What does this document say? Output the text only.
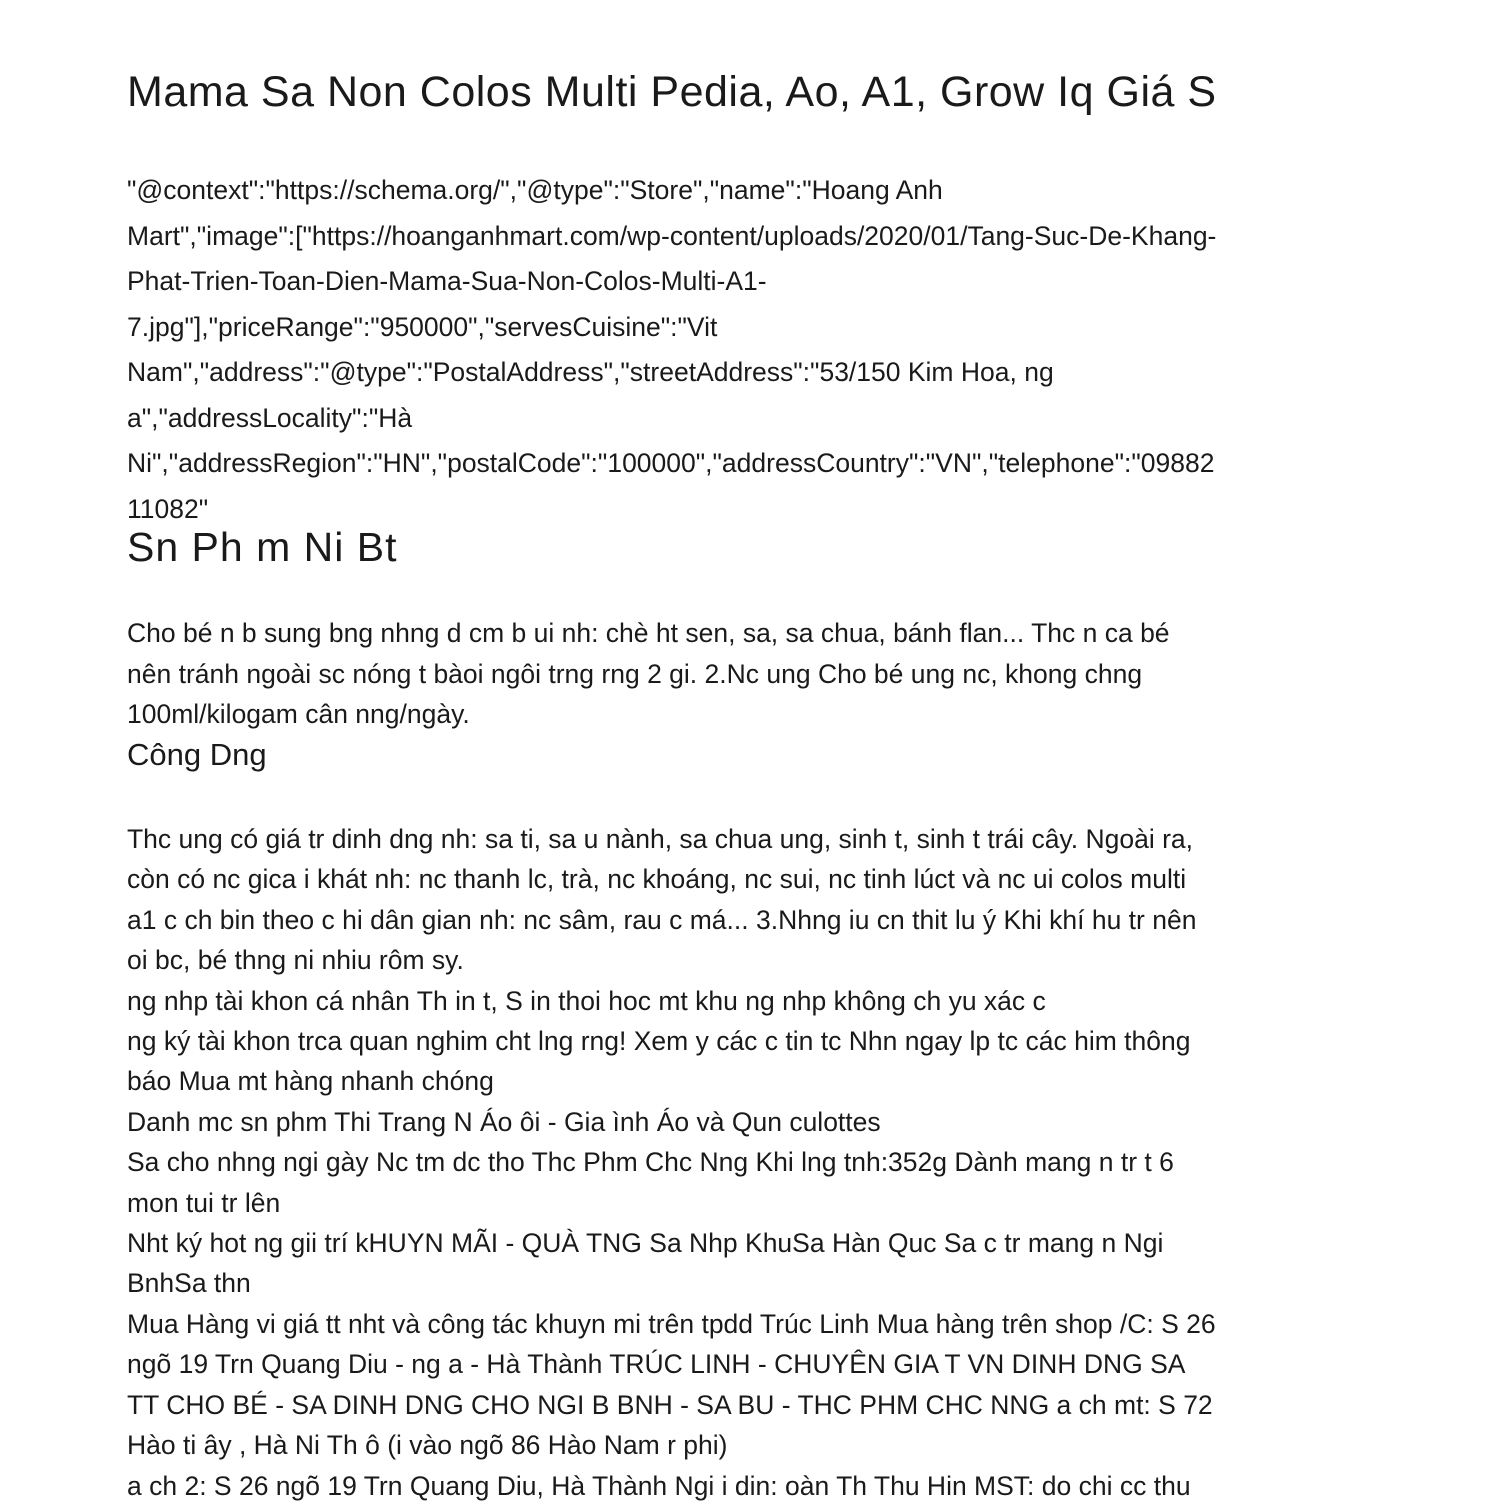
Mama Sa Non Colos Multi Pedia, Ao, A1, Grow Iq Giá S
"@context":"https://schema.org/","@type":"Store","name":"Hoang Anh
Mart","image":["https://hoanganhmart.com/wp-content/uploads/2020/01/Tang-Suc-De-Khang-
Phat-Trien-Toan-Dien-Mama-Sua-Non-Colos-Multi-A1-
7.jpg"],"priceRange":"950000","servesCuisine":"Vit
Nam","address":"@type":"PostalAddress","streetAddress":"53/150 Kim Hoa, ng
a","addressLocality":"Hà
Ni","addressRegion":"HN","postalCode":"100000","addressCountry":"VN","telephone":"09882
11082"
Sn Ph m Ni Bt
Cho bé n b sung bng nhng d cm b ui nh: chè ht sen, sa, sa chua, bánh flan... Thc n ca bé
nên tránh ngoài sc nóng t bàoi ngôi trng rng 2 gi. 2.Nc ung Cho bé ung nc, khong chng
100ml/kilogam cân nng/ngày.
Công Dng
Thc ung có giá tr dinh dng nh: sa ti, sa u nành, sa chua ung, sinh t, sinh t trái cây. Ngoài ra,
còn có nc gica i khát nh: nc thanh lc, trà, nc khoáng, nc sui, nc tinh lúct và nc ui colos multi
a1 c ch bin theo c hi dân gian nh: nc sâm, rau c má... 3.Nhng iu cn thit lu ý Khi khí hu tr nên
oi bc, bé thng ni nhiu rôm sy.
ng nhp tài khon cá nhân Th in t, S in thoi hoc mt khu ng nhp không ch yu xác c
ng ký tài khon trca quan nghim cht lng rng! Xem y các c tin tc Nhn ngay lp tc các him thông
báo Mua mt hàng nhanh chóng
Danh mc sn phm Thi Trang N Áo ôi - Gia ình Áo và Qun culottes
Sa cho nhng ngi gày Nc tm dc tho Thc Phm Chc Nng Khi lng tnh:352g Dành mang n tr t 6
mon tui tr lên
Nht ký hot ng gii trí kHUYN MÃI - QUÀ TNG Sa Nhp KhuSa Hàn Quc Sa c tr mang n Ngi
BnhSa thn
Mua Hàng vi giá tt nht và công tác khuyn mi trên tpdd Trúc Linh Mua hàng trên shop /C: S 26
ngõ 19 Trn Quang Diu - ng a - Hà Thành TRÚC LINH - CHUYÊN GIA T VN DINH DNG SA
TT CHO BÉ - SA DINH DNG CHO NGI B BNH - SA BU - THC PHM CHC NNG a ch mt: S 72
Hào ti ây , Hà Ni Th ô (i vào ngõ 86 Hào Nam r phi)
a ch 2: S 26 ngõ 19 Trn Quang Diu, Hà Thành Ngi i din: oàn Th Thu Hin MST: do chi cc thu
